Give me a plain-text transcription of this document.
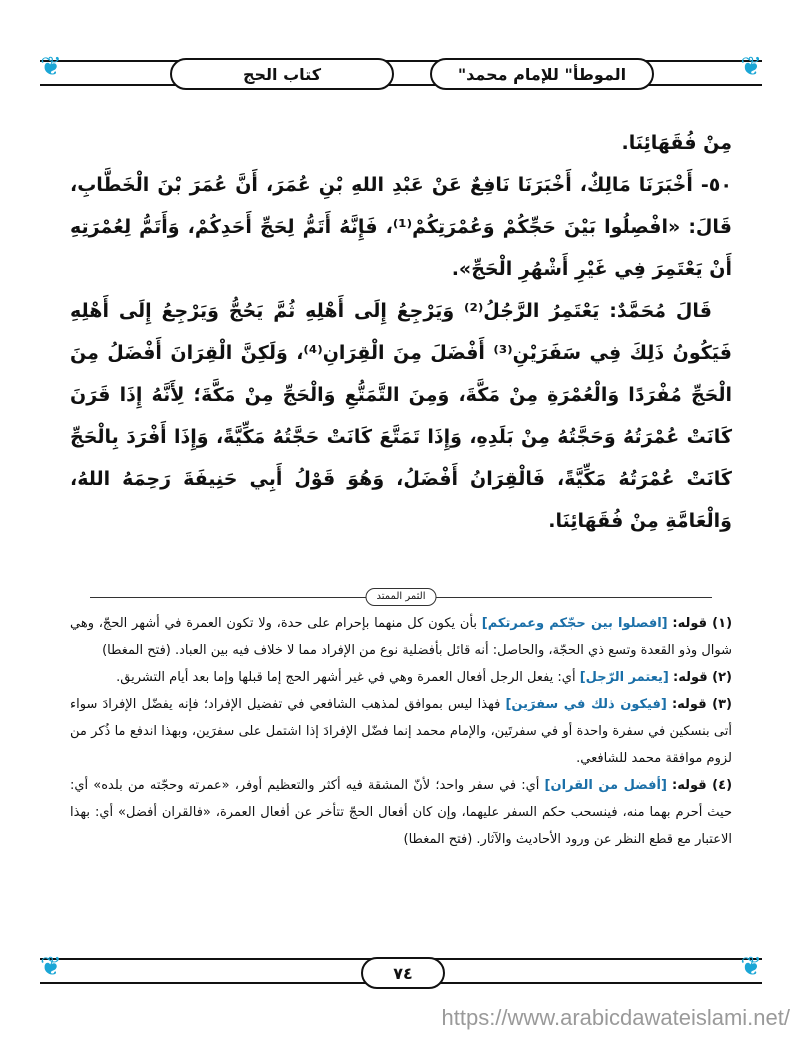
❦	❦
كتاب الحج	"الموطأ" للإمام محمد

مِنْ فُقَهَائِنَا.

٥٠- أَخْبَرَنَا مَالِكٌ، أَخْبَرَنَا نَافِعٌ عَنْ عَبْدِ اللهِ بْنِ عُمَرَ، أَنَّ عُمَرَ بْنَ الْخَطَّابِ، قَالَ: «افْصِلُوا بَيْنَ حَجِّكُمْ وَعُمْرَتِكُمْ⁽¹⁾، فَإِنَّهُ أَتَمُّ لِحَجِّ أَحَدِكُمْ، وَأَتَمُّ لِعُمْرَتِهِ أَنْ يَعْتَمِرَ فِي غَيْرِ أَشْهُرِ الْحَجِّ».

قَالَ مُحَمَّدٌ: يَعْتَمِرُ الرَّجُلُ⁽²⁾ وَيَرْجِعُ إِلَى أَهْلِهِ ثُمَّ يَحُجُّ وَيَرْجِعُ إِلَى أَهْلِهِ فَيَكُونُ ذَلِكَ فِي سَفَرَيْنِ⁽³⁾ أَفْضَلَ مِنَ الْقِرَانِ⁽⁴⁾، وَلَكِنَّ الْقِرَانَ أَفْضَلُ مِنَ الْحَجِّ مُفْرَدًا وَالْعُمْرَةِ مِنْ مَكَّةَ، وَمِنَ التَّمَتُّعِ وَالْحَجِّ مِنْ مَكَّةَ؛ لِأَنَّهُ إِذَا قَرَنَ كَانَتْ عُمْرَتُهُ وَحَجَّتُهُ مِنْ بَلَدِهِ، وَإِذَا تَمَتَّعَ كَانَتْ حَجَّتُهُ مَكِّيَّةً، وَإِذَا أَفْرَدَ بِالْحَجِّ كَانَتْ عُمْرَتُهُ مَكِّيَّةً، فَالْقِرَانُ أَفْضَلُ، وَهُوَ قَوْلُ أَبِي حَنِيفَةَ رَحِمَهُ اللهُ، وَالْعَامَّةِ مِنْ فُقَهَائِنَا.

الثمر الممتد

(١) قوله: [افصلوا بين حجّكم وعمرتكم] بأن يكون كل منهما بإحرام على حدة، ولا تكون العمرة في أشهر الحجّ، وهي شوال وذو القعدة وتسع ذي الحجّة، والحاصل: أنه قائل بأفضلية نوع من الإفراد مما لا خلاف فيه بين العباد. (فتح المغطا)

(٢) قوله: [يعتمر الرّجل] أي: يفعل الرجل أفعال العمرة وهي في غير أشهر الحج إما قبلها وإما بعد أيام التشريق.

(٣) قوله: [فيكون ذلك في سفرَين] فهذا ليس بموافق لمذهب الشافعي في تفضيل الإفراد؛ فإنه يفضّل الإفرادَ سواء أتى بنسكين في سفرة واحدة أو في سفرتَين، والإمام محمد إنما فضّل الإفرادَ إذا اشتمل على سفرَين، وبهذا اندفع ما ذُكر من لزوم موافقة محمد للشافعي.

(٤) قوله: [أفضل من القران] أي: في سفر واحد؛ لأنّ المشقة فيه أكثر والتعظيم أوفر، «عمرته وحجّته من بلده» أي: حيث أحرم بهما منه، فينسحب حكم السفر عليهما، وإن كان أفعال الحجّ تتأخر عن أفعال العمرة، «فالقران أفضل» أي: بهذا الاعتبار مع قطع النظر عن ورود الأحاديث والآثار. (فتح المغطا)

❦	❦
٧٤
https://www.arabicdawateislami.net/
